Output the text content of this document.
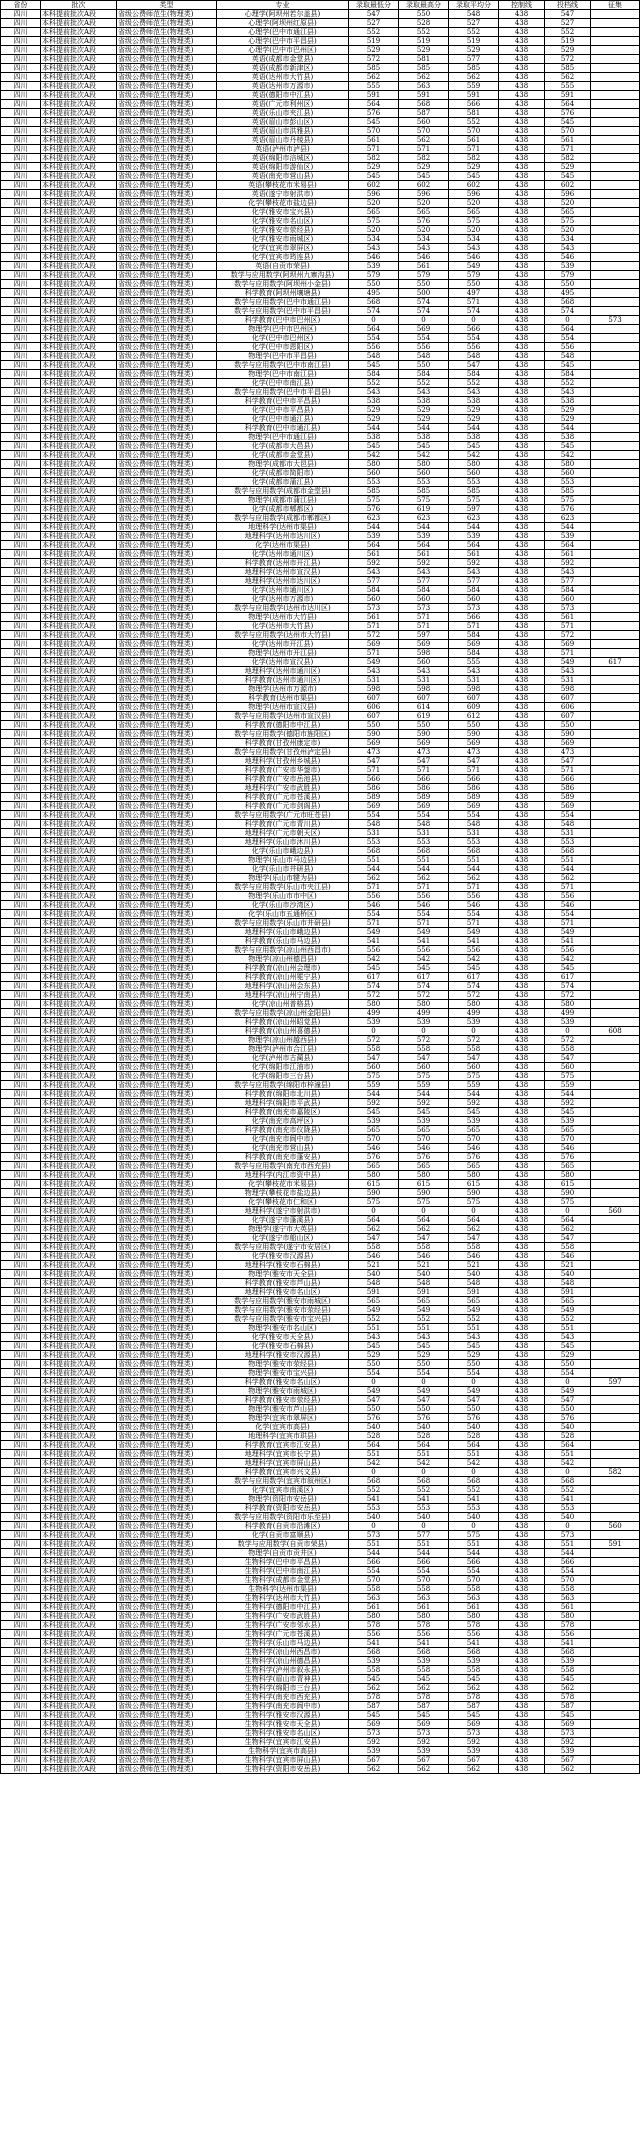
省份	批次	类型	专业	录取最低分	录取最高分	录取平均分	控制线	投档线	征集
四川	本科提前批次A段	省级公费师范生(物理类)	心理学(阿坝州若尔盖县)	547	550	548	438	547	
四川	本科提前批次A段	省级公费师范生(物理类)	心理学(阿坝州红原县)	527	528	527	438	527	
四川	本科提前批次A段	省级公费师范生(物理类)	心理学(巴中市通江县)	552	552	552	438	552	
四川	本科提前批次A段	省级公费师范生(物理类)	心理学(巴中市平昌县)	519	519	519	438	519	
四川	本科提前批次A段	省级公费师范生(物理类)	心理学(巴中市巴州区)	529	529	529	438	529	
四川	本科提前批次A段	省级公费师范生(物理类)	英语(成都市金堂县)	572	581	577	438	572	
四川	本科提前批次A段	省级公费师范生(物理类)	英语(成都市新津区)	585	585	585	438	585	
四川	本科提前批次A段	省级公费师范生(物理类)	英语(达州市大竹县)	562	562	562	438	562	
四川	本科提前批次A段	省级公费师范生(物理类)	英语(达州市万源市)	555	563	559	438	555	
四川	本科提前批次A段	省级公费师范生(物理类)	英语(德阳市中江县)	591	591	591	438	591	
四川	本科提前批次A段	省级公费师范生(物理类)	英语(广元市利州区)	564	568	566	438	564	
四川	本科提前批次A段	省级公费师范生(物理类)	英语(乐山市夹江县)	576	587	581	438	576	
四川	本科提前批次A段	省级公费师范生(物理类)	英语(眉山市彭山区)	545	560	552	438	545	
四川	本科提前批次A段	省级公费师范生(物理类)	英语(眉山市洪雅县)	570	570	570	438	570	
四川	本科提前批次A段	省级公费师范生(物理类)	英语(眉山市丹棱县)	561	562	561	438	561	
四川	本科提前批次A段	省级公费师范生(物理类)	英语(泸州市泸县)	571	571	571	438	571	
四川	本科提前批次A段	省级公费师范生(物理类)	英语(绵阳市涪城区)	582	582	582	438	582	
四川	本科提前批次A段	省级公费师范生(物理类)	英语(绵阳市游仙区)	529	529	529	438	529	
四川	本科提前批次A段	省级公费师范生(物理类)	英语(南充市营山县)	545	545	545	438	545	
四川	本科提前批次A段	省级公费师范生(物理类)	英语(攀枝花市米易县)	602	602	602	438	602	
四川	本科提前批次A段	省级公费师范生(物理类)	英语(遂宁市射洪市)	596	596	596	438	596	
四川	本科提前批次A段	省级公费师范生(物理类)	化学(攀枝花市盐边县)	520	520	520	438	520	
四川	本科提前批次A段	省级公费师范生(物理类)	化学(雅安市宝兴县)	565	565	565	438	565	
四川	本科提前批次A段	省级公费师范生(物理类)	化学(雅安市名山区)	575	576	575	438	575	
四川	本科提前批次A段	省级公费师范生(物理类)	化学(雅安市荥经县)	520	520	520	438	520	
四川	本科提前批次A段	省级公费师范生(物理类)	化学(雅安市雨城区)	534	534	534	438	534	
四川	本科提前批次A段	省级公费师范生(物理类)	化学(宜宾市翠屏区)	543	543	543	438	543	
四川	本科提前批次A段	省级公费师范生(物理类)	化学(宜宾市筠连县)	546	546	546	438	546	
四川	本科提前批次A段	省级公费师范生(物理类)	英语(自贡市荣县)	539	561	549	438	539	
四川	本科提前批次A段	省级公费师范生(物理类)	数学与应用数学(阿坝州九寨沟县)	579	579	579	438	579	
四川	本科提前批次A段	省级公费师范生(物理类)	数学与应用数学(阿坝州小金县)	550	550	550	438	550	
四川	本科提前批次A段	省级公费师范生(物理类)	科学教育(阿坝州壤塘县)	495	500	497	438	495	
四川	本科提前批次A段	省级公费师范生(物理类)	数学与应用数学(巴中市通江县)	568	574	571	438	568	
四川	本科提前批次A段	省级公费师范生(物理类)	数学与应用数学(巴中市平昌县)	574	574	574	438	574	
四川	本科提前批次A段	省级公费师范生(物理类)	科学教育(巴中市巴州区)	0	0	0	438	0	573
四川	本科提前批次A段	省级公费师范生(物理类)	物理学(巴中市巴州区)	564	569	566	438	564	
四川	本科提前批次A段	省级公费师范生(物理类)	化学(巴中市巴州区)	554	554	554	438	554	
四川	本科提前批次A段	省级公费师范生(物理类)	化学(巴中市恩阳区)	556	556	556	438	556	
四川	本科提前批次A段	省级公费师范生(物理类)	物理学(巴中市平昌县)	548	548	548	438	548	
四川	本科提前批次A段	省级公费师范生(物理类)	数学与应用数学(巴中市南江县)	545	550	547	438	545	
四川	本科提前批次A段	省级公费师范生(物理类)	物理学(巴中市南江县)	584	584	584	438	584	
四川	本科提前批次A段	省级公费师范生(物理类)	化学(巴中市南江县)	552	552	552	438	552	
四川	本科提前批次A段	省级公费师范生(物理类)	数学与应用数学(巴中市平昌县)	543	543	543	438	543	
四川	本科提前批次A段	省级公费师范生(物理类)	科学教育(巴中市平昌县)	538	538	538	438	538	
四川	本科提前批次A段	省级公费师范生(物理类)	化学(巴中市平昌县)	529	529	529	438	529	
四川	本科提前批次A段	省级公费师范生(物理类)	化学(巴中市通江县)	529	529	529	438	529	
四川	本科提前批次A段	省级公费师范生(物理类)	科学教育(巴中市通江县)	544	544	544	438	544	
四川	本科提前批次A段	省级公费师范生(物理类)	物理学(巴中市通江县)	538	538	538	438	538	
四川	本科提前批次A段	省级公费师范生(物理类)	化学(成都市大邑县)	545	545	545	438	545	
四川	本科提前批次A段	省级公费师范生(物理类)	化学(成都市金堂县)	542	542	542	438	542	
四川	本科提前批次A段	省级公费师范生(物理类)	物理学(成都市大邑县)	580	580	580	438	580	
四川	本科提前批次A段	省级公费师范生(物理类)	化学(成都市简阳市)	560	560	560	438	560	
四川	本科提前批次A段	省级公费师范生(物理类)	化学(成都市蒲江县)	553	553	553	438	553	
四川	本科提前批次A段	省级公费师范生(物理类)	数学与应用数学(成都市金堂县)	585	585	585	438	585	
四川	本科提前批次A段	省级公费师范生(物理类)	物理学(成都市蒲江县)	575	575	575	438	575	
四川	本科提前批次A段	省级公费师范生(物理类)	化学(成都市郫都区)	576	619	597	438	576	
四川	本科提前批次A段	省级公费师范生(物理类)	数学与应用数学(成都市郫都区)	623	623	623	438	623	
四川	本科提前批次A段	省级公费师范生(物理类)	地理科学(达州市渠县)	544	544	544	438	544	
四川	本科提前批次A段	省级公费师范生(物理类)	地理科学(达州市达川区)	539	539	539	438	539	
四川	本科提前批次A段	省级公费师范生(物理类)	化学(达州市渠县)	564	564	564	438	564	
四川	本科提前批次A段	省级公费师范生(物理类)	化学(达州市通川区)	561	561	561	438	561	
四川	本科提前批次A段	省级公费师范生(物理类)	科学教育(达州市开江县)	592	592	592	438	592	
四川	本科提前批次A段	省级公费师范生(物理类)	地理科学(达州市宣汉县)	543	543	543	438	543	
四川	本科提前批次A段	省级公费师范生(物理类)	地理科学(达州市达川区)	577	577	577	438	577	
四川	本科提前批次A段	省级公费师范生(物理类)	化学(达州市通川区)	584	584	584	438	584	
四川	本科提前批次A段	省级公费师范生(物理类)	化学(达州市万源市)	560	560	560	438	560	
四川	本科提前批次A段	省级公费师范生(物理类)	数学与应用数学(达州市达川区)	573	573	573	438	573	
四川	本科提前批次A段	省级公费师范生(物理类)	物理学(达州市大竹县)	561	571	566	438	561	
四川	本科提前批次A段	省级公费师范生(物理类)	化学(达州市大竹县)	571	571	571	438	571	
四川	本科提前批次A段	省级公费师范生(物理类)	数学与应用数学(达州市大竹县)	572	597	584	438	572	
四川	本科提前批次A段	省级公费师范生(物理类)	化学(达州市开江县)	569	569	569	438	569	
四川	本科提前批次A段	省级公费师范生(物理类)	物理学(达州市开江县)	571	598	584	438	571	
四川	本科提前批次A段	省级公费师范生(物理类)	化学(达州市宣汉县)	549	560	555	438	549	617
四川	本科提前批次A段	省级公费师范生(物理类)	地理科学(达州市通川区)	543	543	543	438	543	
四川	本科提前批次A段	省级公费师范生(物理类)	科学教育(达州市通川区)	531	531	531	438	531	
四川	本科提前批次A段	省级公费师范生(物理类)	物理学(达州市万源市)	598	598	598	438	598	
四川	本科提前批次A段	省级公费师范生(物理类)	科学教育(达州市渠县)	607	607	607	438	607	
四川	本科提前批次A段	省级公费师范生(物理类)	物理学(达州市宣汉县)	606	614	609	438	606	
四川	本科提前批次A段	省级公费师范生(物理类)	数学与应用数学(达州市宣汉县)	607	619	612	438	607	
四川	本科提前批次A段	省级公费师范生(物理类)	科学教育(德阳市中江县)	550	550	550	438	550	
四川	本科提前批次A段	省级公费师范生(物理类)	数学与应用数学(德阳市旌阳区)	590	590	590	438	590	
四川	本科提前批次A段	省级公费师范生(物理类)	科学教育(甘孜州康定市)	569	569	569	438	569	
四川	本科提前批次A段	省级公费师范生(物理类)	数学与应用数学(甘孜州泸定县)	473	473	473	438	473	
四川	本科提前批次A段	省级公费师范生(物理类)	地理科学(甘孜州乡城县)	547	547	547	438	547	
四川	本科提前批次A段	省级公费师范生(物理类)	科学教育(广安市华蓥市)	571	571	571	438	571	
四川	本科提前批次A段	省级公费师范生(物理类)	科学教育(广安市岳池县)	566	566	566	438	566	
四川	本科提前批次A段	省级公费师范生(物理类)	地理科学(广安市武胜县)	586	586	586	438	586	
四川	本科提前批次A段	省级公费师范生(物理类)	科学教育(广元市苍溪县)	589	589	589	438	589	
四川	本科提前批次A段	省级公费师范生(物理类)	科学教育(广元市剑阁县)	569	569	569	438	569	
四川	本科提前批次A段	省级公费师范生(物理类)	数学与应用数学(广元市旺苍县)	554	554	554	438	554	
四川	本科提前批次A段	省级公费师范生(物理类)	科学教育(广元市青川县)	548	548	548	438	548	
四川	本科提前批次A段	省级公费师范生(物理类)	地理科学(广元市朝天区)	531	531	531	438	531	
四川	本科提前批次A段	省级公费师范生(物理类)	地理科学(乐山市沐川县)	553	553	553	438	553	
四川	本科提前批次A段	省级公费师范生(物理类)	化学(乐山市峨边县)	568	568	568	438	568	
四川	本科提前批次A段	省级公费师范生(物理类)	物理学(乐山市马边县)	551	551	551	438	551	
四川	本科提前批次A段	省级公费师范生(物理类)	化学(乐山市井研县)	544	544	544	438	544	
四川	本科提前批次A段	省级公费师范生(物理类)	物理学(乐山市犍为县)	562	562	562	438	562	
四川	本科提前批次A段	省级公费师范生(物理类)	数学与应用数学(乐山市夹江县)	571	571	571	438	571	
四川	本科提前批次A段	省级公费师范生(物理类)	物理学(乐山市市中区)	556	556	556	438	556	
四川	本科提前批次A段	省级公费师范生(物理类)	化学(乐山市沙湾区)	546	546	546	438	546	
四川	本科提前批次A段	省级公费师范生(物理类)	化学(乐山市五通桥区)	554	554	554	438	554	
四川	本科提前批次A段	省级公费师范生(物理类)	数学与应用数学(乐山市井研县)	571	571	571	438	571	
四川	本科提前批次A段	省级公费师范生(物理类)	地理科学(乐山市峨边县)	549	549	549	438	549	
四川	本科提前批次A段	省级公费师范生(物理类)	科学教育(乐山市马边县)	541	541	541	438	541	
四川	本科提前批次A段	省级公费师范生(物理类)	数学与应用数学(凉山州西昌市)	556	556	556	438	556	
四川	本科提前批次A段	省级公费师范生(物理类)	物理学(凉山州德昌县)	542	542	542	438	542	
四川	本科提前批次A段	省级公费师范生(物理类)	科学教育(凉山州会理市)	545	545	545	438	545	
四川	本科提前批次A段	省级公费师范生(物理类)	科学教育(凉山州冕宁县)	617	617	617	438	617	
四川	本科提前批次A段	省级公费师范生(物理类)	地理科学(凉山州会东县)	574	574	574	438	574	
四川	本科提前批次A段	省级公费师范生(物理类)	地理科学(凉山州宁南县)	572	572	572	438	572	
四川	本科提前批次A段	省级公费师范生(物理类)	化学(凉山州普格县)	580	580	580	438	580	
四川	本科提前批次A段	省级公费师范生(物理类)	数学与应用数学(凉山州金阳县)	499	499	499	438	499	
四川	本科提前批次A段	省级公费师范生(物理类)	科学教育(凉山州昭觉县)	539	539	539	438	539	
四川	本科提前批次A段	省级公费师范生(物理类)	科学教育(凉山州喜德县)	0	0	0	438	0	608
四川	本科提前批次A段	省级公费师范生(物理类)	物理学(凉山州越西县)	572	572	572	438	572	
四川	本科提前批次A段	省级公费师范生(物理类)	物理学(泸州市合江县)	558	558	558	438	558	
四川	本科提前批次A段	省级公费师范生(物理类)	化学(泸州市古蔺县)	547	547	547	438	547	
四川	本科提前批次A段	省级公费师范生(物理类)	化学(绵阳市江油市)	560	560	560	438	560	
四川	本科提前批次A段	省级公费师范生(物理类)	化学(绵阳市三台县)	575	575	575	438	575	
四川	本科提前批次A段	省级公费师范生(物理类)	数学与应用数学(绵阳市梓潼县)	559	559	559	438	559	
四川	本科提前批次A段	省级公费师范生(物理类)	科学教育(绵阳市北川县)	544	544	544	438	544	
四川	本科提前批次A段	省级公费师范生(物理类)	地理科学(绵阳市平武县)	592	592	592	438	592	
四川	本科提前批次A段	省级公费师范生(物理类)	科学教育(南充市嘉陵区)	545	545	545	438	545	
四川	本科提前批次A段	省级公费师范生(物理类)	化学(南充市高坪区)	539	539	539	438	539	
四川	本科提前批次A段	省级公费师范生(物理类)	科学教育(南充市仪陇县)	565	565	565	438	565	
四川	本科提前批次A段	省级公费师范生(物理类)	化学(南充市阆中市)	570	570	570	438	570	
四川	本科提前批次A段	省级公费师范生(物理类)	化学(南充市营山县)	546	546	546	438	546	
四川	本科提前批次A段	省级公费师范生(物理类)	科学教育(南充市蓬安县)	576	576	576	438	576	
四川	本科提前批次A段	省级公费师范生(物理类)	数学与应用数学(南充市西充县)	565	565	565	438	565	
四川	本科提前批次A段	省级公费师范生(物理类)	地理科学(内江市资中县)	580	580	580	438	580	
四川	本科提前批次A段	省级公费师范生(物理类)	化学(攀枝花市米易县)	615	615	615	438	615	
四川	本科提前批次A段	省级公费师范生(物理类)	物理学(攀枝花市盐边县)	590	590	590	438	590	
四川	本科提前批次A段	省级公费师范生(物理类)	化学(攀枝花市仁和区)	575	575	575	438	575	
四川	本科提前批次A段	省级公费师范生(物理类)	地理科学(遂宁市射洪市)	0	0	0	438	0	560
四川	本科提前批次A段	省级公费师范生(物理类)	化学(遂宁市蓬溪县)	564	564	564	438	564	
四川	本科提前批次A段	省级公费师范生(物理类)	物理学(遂宁市大英县)	562	562	562	438	562	
四川	本科提前批次A段	省级公费师范生(物理类)	化学(遂宁市船山区)	547	547	547	438	547	
四川	本科提前批次A段	省级公费师范生(物理类)	数学与应用数学(遂宁市安居区)	558	558	558	438	558	
四川	本科提前批次A段	省级公费师范生(物理类)	化学(雅安市汉源县)	546	546	546	438	546	
四川	本科提前批次A段	省级公费师范生(物理类)	地理科学(雅安市石棉县)	521	521	521	438	521	
四川	本科提前批次A段	省级公费师范生(物理类)	物理学(雅安市天全县)	540	540	540	438	540	
四川	本科提前批次A段	省级公费师范生(物理类)	科学教育(雅安市芦山县)	548	548	548	438	548	
四川	本科提前批次A段	省级公费师范生(物理类)	地理科学(雅安市名山区)	591	591	591	438	591	
四川	本科提前批次A段	省级公费师范生(物理类)	数学与应用数学(雅安市雨城区)	565	565	565	438	565	
四川	本科提前批次A段	省级公费师范生(物理类)	数学与应用数学(雅安市荥经县)	549	549	549	438	549	
四川	本科提前批次A段	省级公费师范生(物理类)	数学与应用数学(雅安市宝兴县)	552	552	552	438	552	
四川	本科提前批次A段	省级公费师范生(物理类)	物理学(雅安市名山区)	551	551	551	438	551	
四川	本科提前批次A段	省级公费师范生(物理类)	化学(雅安市天全县)	543	543	543	438	543	
四川	本科提前批次A段	省级公费师范生(物理类)	化学(雅安市石棉县)	545	545	545	438	545	
四川	本科提前批次A段	省级公费师范生(物理类)	地理科学(雅安市汉源县)	529	529	529	438	529	
四川	本科提前批次A段	省级公费师范生(物理类)	物理学(雅安市荥经县)	550	550	550	438	550	
四川	本科提前批次A段	省级公费师范生(物理类)	物理学(雅安市宝兴县)	554	554	554	438	554	
四川	本科提前批次A段	省级公费师范生(物理类)	科学教育(雅安市名山区)	0	0	0	438	0	597
四川	本科提前批次A段	省级公费师范生(物理类)	物理学(雅安市雨城区)	549	549	549	438	549	
四川	本科提前批次A段	省级公费师范生(物理类)	科学教育(雅安市荥经县)	547	547	547	438	547	
四川	本科提前批次A段	省级公费师范生(物理类)	物理学(雅安市芦山县)	550	550	550	438	550	
四川	本科提前批次A段	省级公费师范生(物理类)	物理学(宜宾市翠屏区)	576	576	576	438	576	
四川	本科提前批次A段	省级公费师范生(物理类)	化学(宜宾市高县)	540	540	540	438	540	
四川	本科提前批次A段	省级公费师范生(物理类)	地理科学(宜宾市珙县)	528	528	528	438	528	
四川	本科提前批次A段	省级公费师范生(物理类)	科学教育(宜宾市江安县)	564	564	564	438	564	
四川	本科提前批次A段	省级公费师范生(物理类)	地理科学(宜宾市长宁县)	551	551	551	438	551	
四川	本科提前批次A段	省级公费师范生(物理类)	地理科学(宜宾市屏山县)	542	542	542	438	542	
四川	本科提前批次A段	省级公费师范生(物理类)	科学教育(宜宾市兴文县)	0	0	0	438	0	582
四川	本科提前批次A段	省级公费师范生(物理类)	数学与应用数学(宜宾市叙州区)	568	568	568	438	568	
四川	本科提前批次A段	省级公费师范生(物理类)	化学(宜宾市南溪区)	552	552	552	438	552	
四川	本科提前批次A段	省级公费师范生(物理类)	物理学(资阳市安岳县)	541	541	541	438	541	
四川	本科提前批次A段	省级公费师范生(物理类)	科学教育(资阳市安岳县)	553	553	553	438	553	
四川	本科提前批次A段	省级公费师范生(物理类)	数学与应用数学(资阳市乐至县)	540	540	540	438	540	
四川	本科提前批次A段	省级公费师范生(物理类)	科学教育(自贡市沿滩区)	0	0	0	438	0	560
四川	本科提前批次A段	省级公费师范生(物理类)	化学(自贡市富顺县)	573	577	575	438	573	
四川	本科提前批次A段	省级公费师范生(物理类)	数学与应用数学(自贡市荣县)	551	551	551	438	551	591
四川	本科提前批次A段	省级公费师范生(物理类)	物理学(自贡市贡井区)	544	544	544	438	544	
四川	本科提前批次A段	省级公费师范生(物理类)	生物科学(巴中市平昌县)	566	566	566	438	566	
四川	本科提前批次A段	省级公费师范生(物理类)	生物科学(巴中市南江县)	554	554	554	438	554	
四川	本科提前批次A段	省级公费师范生(物理类)	生物科学(成都市金堂县)	570	570	570	438	570	
四川	本科提前批次A段	省级公费师范生(物理类)	生物科学(达州市渠县)	558	558	558	438	558	
四川	本科提前批次A段	省级公费师范生(物理类)	生物科学(达州市大竹县)	563	563	563	438	563	
四川	本科提前批次A段	省级公费师范生(物理类)	生物科学(德阳市中江县)	561	561	561	438	561	
四川	本科提前批次A段	省级公费师范生(物理类)	生物科学(广安市武胜县)	580	580	580	438	580	
四川	本科提前批次A段	省级公费师范生(物理类)	生物科学(广安市邻水县)	578	578	578	438	578	
四川	本科提前批次A段	省级公费师范生(物理类)	生物科学(广元市苍溪县)	556	556	556	438	556	
四川	本科提前批次A段	省级公费师范生(物理类)	生物科学(乐山市马边县)	541	541	541	438	541	
四川	本科提前批次A段	省级公费师范生(物理类)	生物科学(凉山州西昌市)	568	568	568	438	568	
四川	本科提前批次A段	省级公费师范生(物理类)	生物科学(凉山州德昌县)	539	539	539	438	539	
四川	本科提前批次A段	省级公费师范生(物理类)	生物科学(泸州市叙永县)	558	558	558	438	558	
四川	本科提前批次A段	省级公费师范生(物理类)	生物科学(眉山市青神县)	545	545	545	438	545	
四川	本科提前批次A段	省级公费师范生(物理类)	生物科学(绵阳市三台县)	562	562	562	438	562	
四川	本科提前批次A段	省级公费师范生(物理类)	生物科学(南充市西充县)	578	578	578	438	578	
四川	本科提前批次A段	省级公费师范生(物理类)	生物科学(南充市阆中市)	587	587	587	438	587	
四川	本科提前批次A段	省级公费师范生(物理类)	生物科学(雅安市汉源县)	545	545	545	438	545	
四川	本科提前批次A段	省级公费师范生(物理类)	生物科学(雅安市天全县)	569	569	569	438	569	
四川	本科提前批次A段	省级公费师范生(物理类)	生物科学(雅安市名山区)	573	573	573	438	573	
四川	本科提前批次A段	省级公费师范生(物理类)	生物科学(宜宾市江安县)	592	592	592	438	592	
四川	本科提前批次A段	省级公费师范生(物理类)	生物科学(宜宾市高县)	539	539	539	438	539	
四川	本科提前批次A段	省级公费师范生(物理类)	生物科学(宜宾市屏山县)	567	567	567	438	567	
四川	本科提前批次A段	省级公费师范生(物理类)	生物科学(资阳市安岳县)	562	562	562	438	562	
